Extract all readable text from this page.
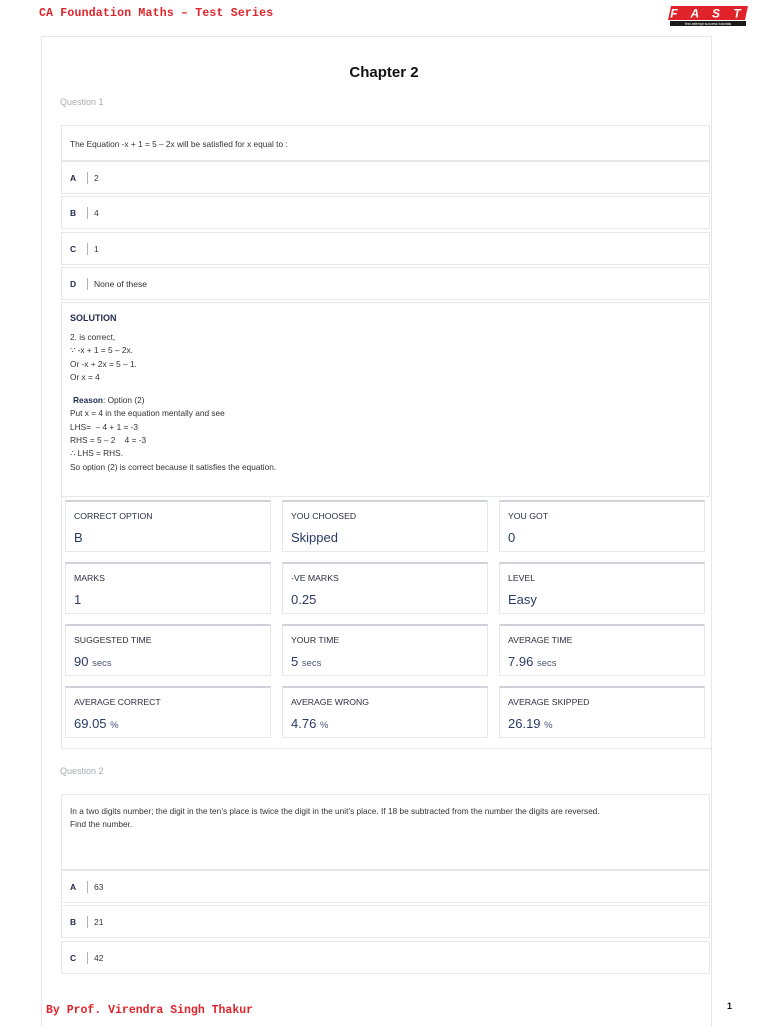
CA Foundation Maths – Test Series	F A S T
first attempt success tutorials
Chapter 2
Question 1
The Equation -x + 1 = 5 – 2x will be satisfied for x equal to :
A	2
B	4
C	1
D	None of these
SOLUTION
2. is correct,
∵ -x + 1 = 5 – 2x.
Or -x + 2x = 5 – 1.
Or x = 4
Reason: Option (2)
Put x = 4 in the equation mentally and see
LHS=  – 4 + 1 = -3
RHS = 5 – 2    4 = -3
∴ LHS = RHS.
So option (2) is correct because it satisfies the equation.
CORRECT OPTION
B
YOU CHOOSED
Skipped
YOU GOT
0
MARKS
1
-VE MARKS
0.25
LEVEL
Easy
SUGGESTED TIME
90 secs
YOUR TIME
5 secs
AVERAGE TIME
7.96 secs
AVERAGE CORRECT
69.05 %
AVERAGE WRONG
4.76 %
AVERAGE SKIPPED
26.19 %
Question 2
In a two digits number; the digit in the ten’s place is twice the digit in the unit’s place. If 18 be subtracted from the number the digits are reversed.
Find the number.
A	63
B	21
C	42
By Prof. Virendra Singh Thakur	1
